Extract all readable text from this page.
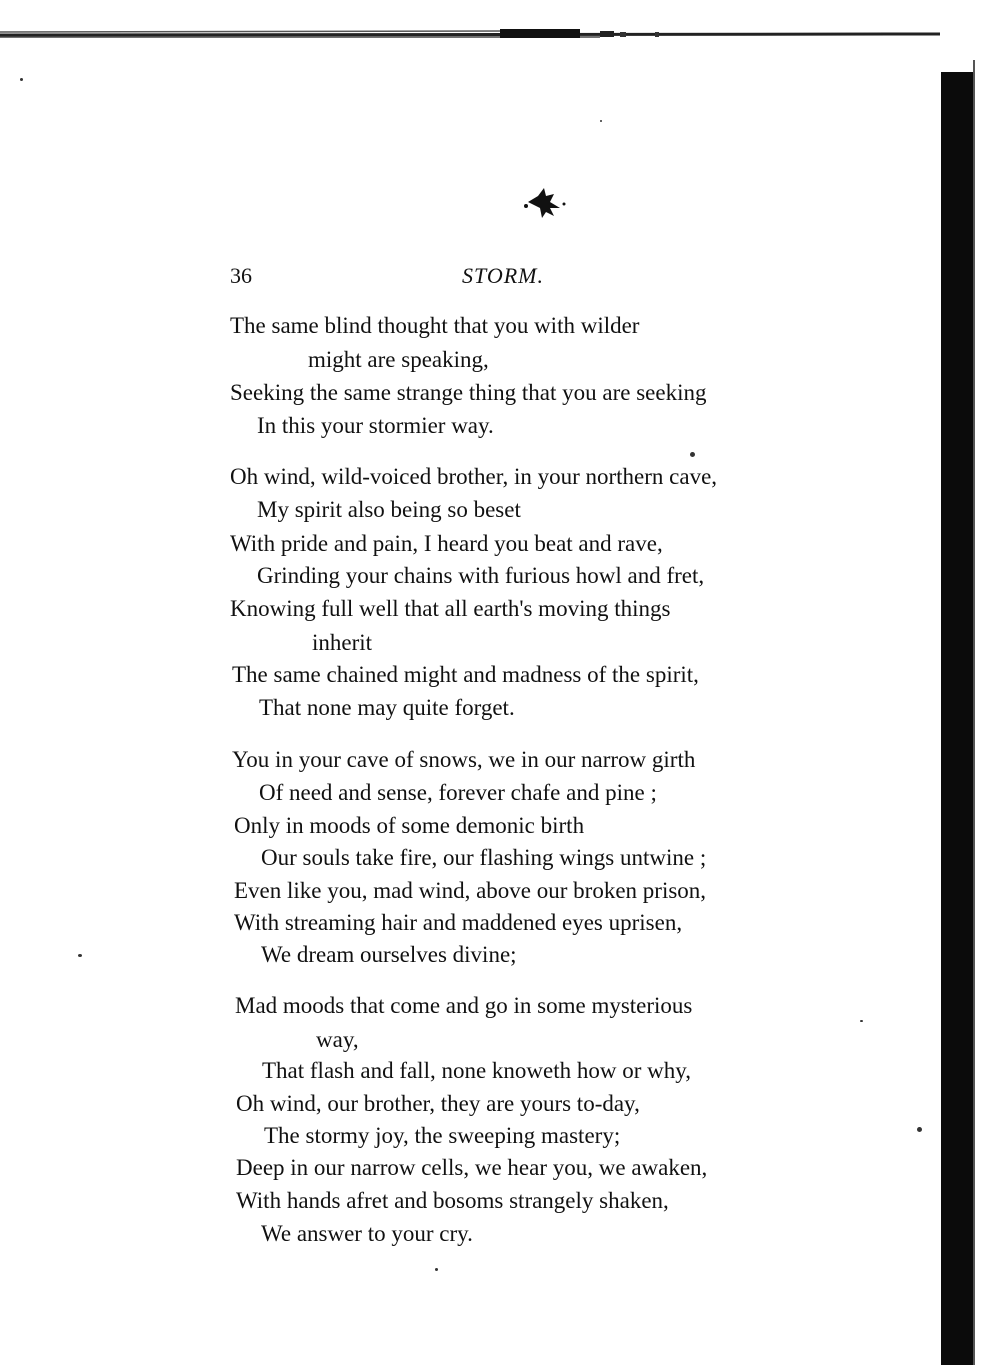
36	STORM.
The same blind thought that you with wilder
might are speaking,
Seeking the same strange thing that you are seeking
In this your stormier way.
Oh wind, wild-voiced brother, in your northern cave,
My spirit also being so beset
With pride and pain, I heard you beat and rave,
Grinding your chains with furious howl and fret,
Knowing full well that all earth's moving things
inherit
The same chained might and madness of the spirit,
That none may quite forget.
You in your cave of snows, we in our narrow girth
Of need and sense, forever chafe and pine ;
Only in moods of some demonic birth
Our souls take fire, our flashing wings untwine ;
Even like you, mad wind, above our broken prison,
With streaming hair and maddened eyes uprisen,
We dream ourselves divine;
Mad moods that come and go in some mysterious
way,
That flash and fall, none knoweth how or why,
Oh wind, our brother, they are yours to-day,
The stormy joy, the sweeping mastery;
Deep in our narrow cells, we hear you, we awaken,
With hands afret and bosoms strangely shaken,
We answer to your cry.
